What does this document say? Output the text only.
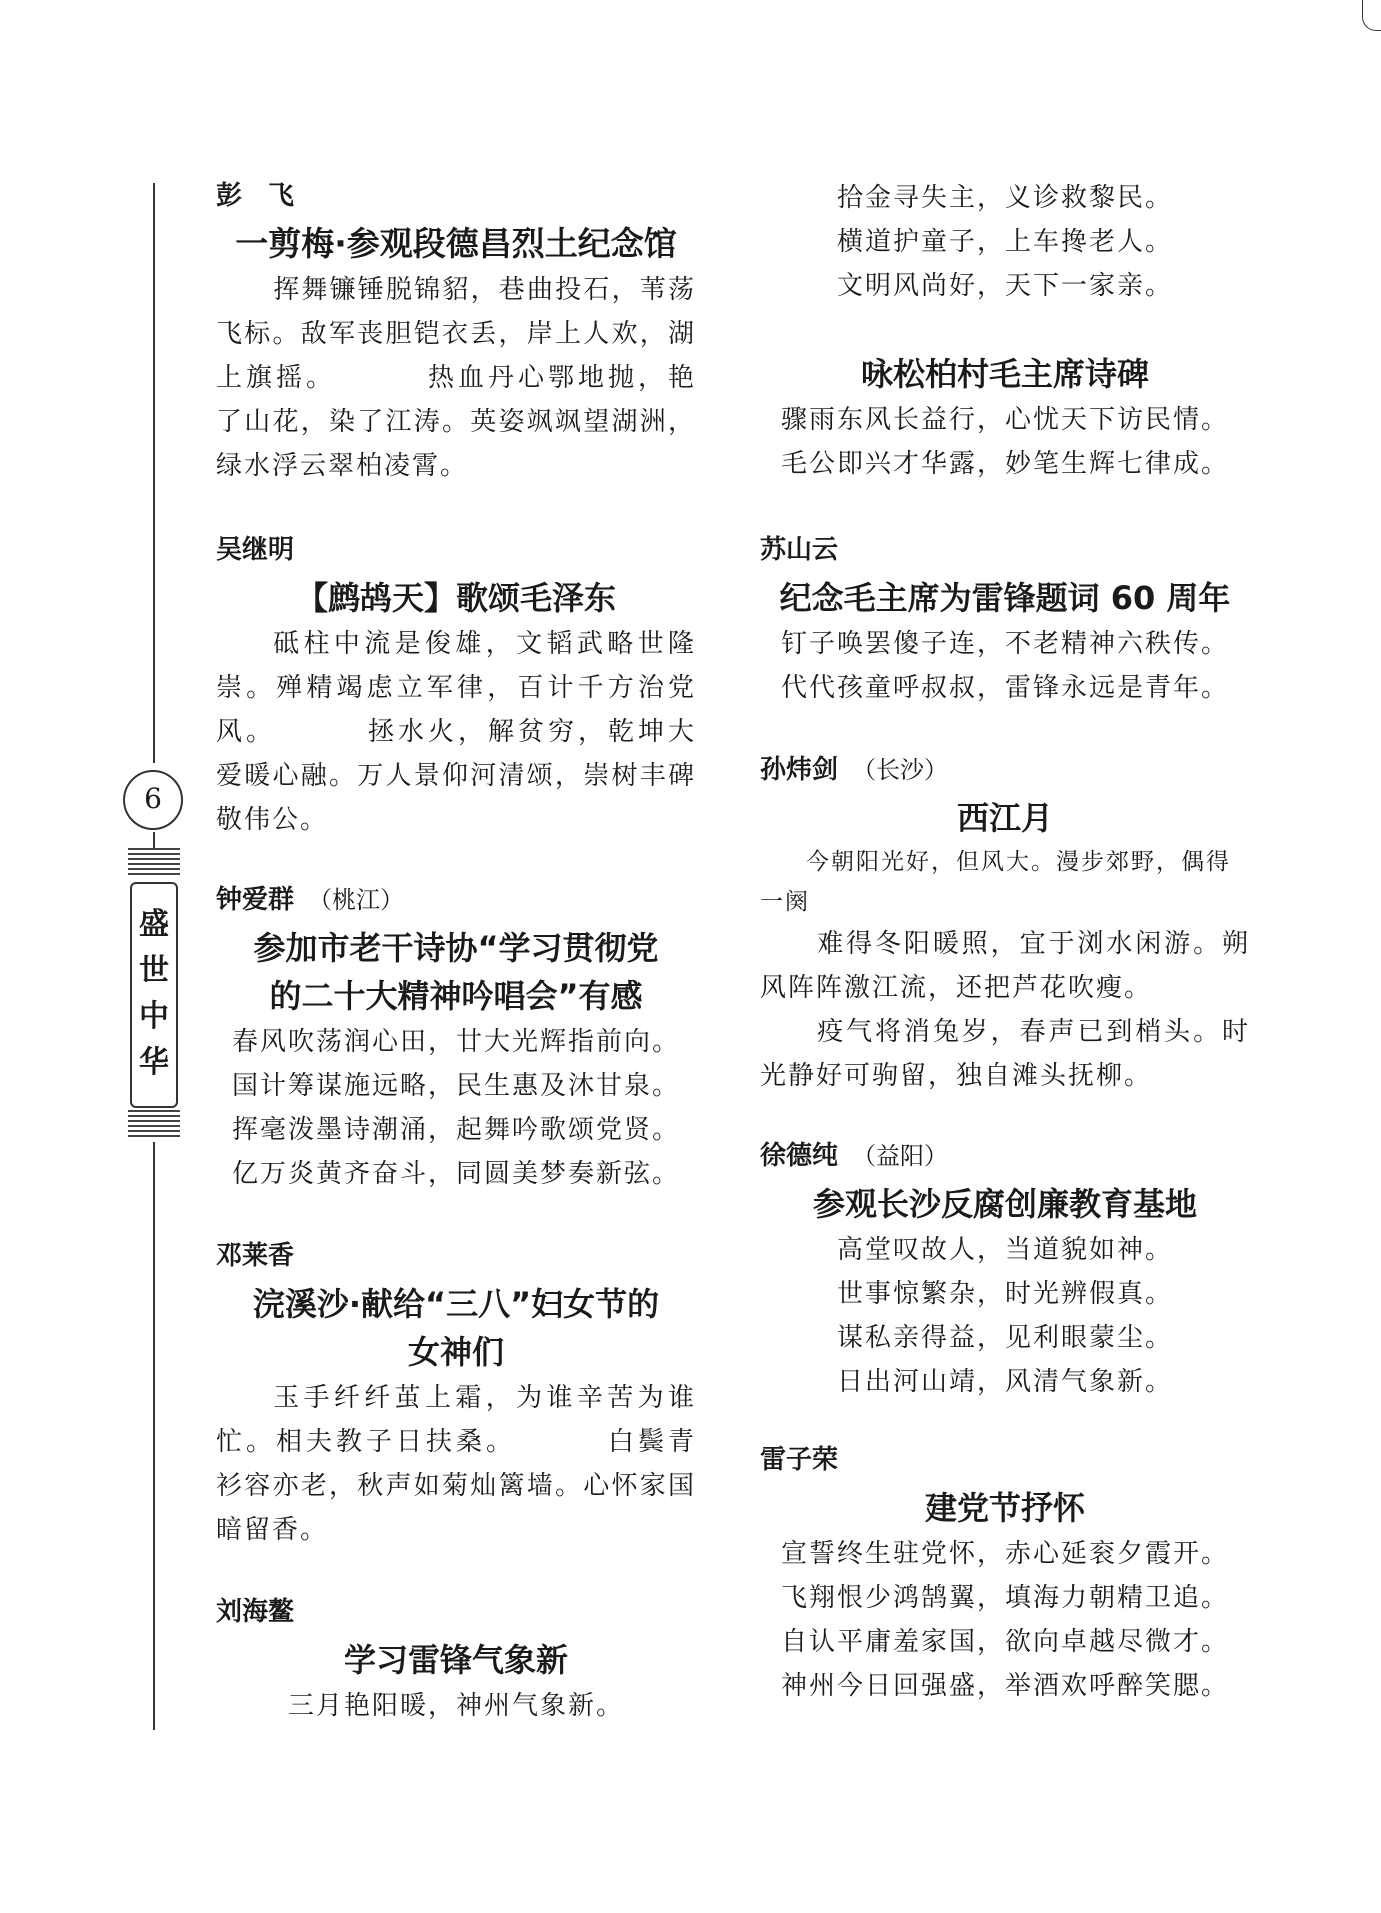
6
盛
世
中
华

彭　飞

一剪梅·参观段德昌烈土纪念馆

挥舞镰锤脱锦貂，巷曲投石，苇荡飞标。敌军丧胆铠衣丢，岸上人欢，湖上旗摇。	热血丹心鄂地抛，艳了山花，染了江涛。英姿飒飒望湖洲，绿水浮云翠柏凌霄。

吴继明

【鹧鸪天】歌颂毛泽东

砥柱中流是俊雄，文韬武略世隆崇。殚精竭虑立军律，百计千方治党风。	拯水火，解贫穷，乾坤大爱暖心融。万人景仰河清颂，崇树丰碑敬伟公。

钟爱群 （桃江）

参加市老干诗协“学习贯彻党

的二十大精神吟唱会”有感

春风吹荡润心田，廿大光辉指前向。

国计筹谋施远略，民生惠及沐甘泉。

挥毫泼墨诗潮涌，起舞吟歌颂党贤。

亿万炎黄齐奋斗，同圆美梦奏新弦。

邓莱香

浣溪沙·献给“三八”妇女节的

女神们

玉手纤纤茧上霜，为谁辛苦为谁忙。相夫教子日扶桑。	白鬓青衫容亦老，秋声如菊灿篱墙。心怀家国暗留香。

刘海鳌

学习雷锋气象新

三月艳阳暖，神州气象新。

拾金寻失主，义诊救黎民。

横道护童子，上车搀老人。

文明风尚好，天下一家亲。

咏松柏村毛主席诗碑

骤雨东风长益行，心忧天下访民情。

毛公即兴才华露，妙笔生辉七律成。

苏山云

纪念毛主席为雷锋题词 60 周年

钉子唤罢傻子连，不老精神六秩传。

代代孩童呼叔叔，雷锋永远是青年。

孙炜剑 （长沙）

西江月

今朝阳光好，但风大。漫步郊野，偶得一阕

难得冬阳暖照，宜于浏水闲游。朔风阵阵激江流，还把芦花吹瘦。

疫气将消兔岁，春声已到梢头。时光静好可驹留，独自滩头抚柳。

徐德纯 （益阳）

参观长沙反腐创廉教育基地

高堂叹故人，当道貌如神。

世事惊繁杂，时光辨假真。

谋私亲得益，见利眼蒙尘。

日出河山靖，风清气象新。

雷子荣

建党节抒怀

宣誓终生驻党怀，赤心延衮夕霞开。

飞翔恨少鸿鹄翼，填海力朝精卫追。

自认平庸羞家国，欲向卓越尽微才。

神州今日回强盛，举酒欢呼醉笑腮。
